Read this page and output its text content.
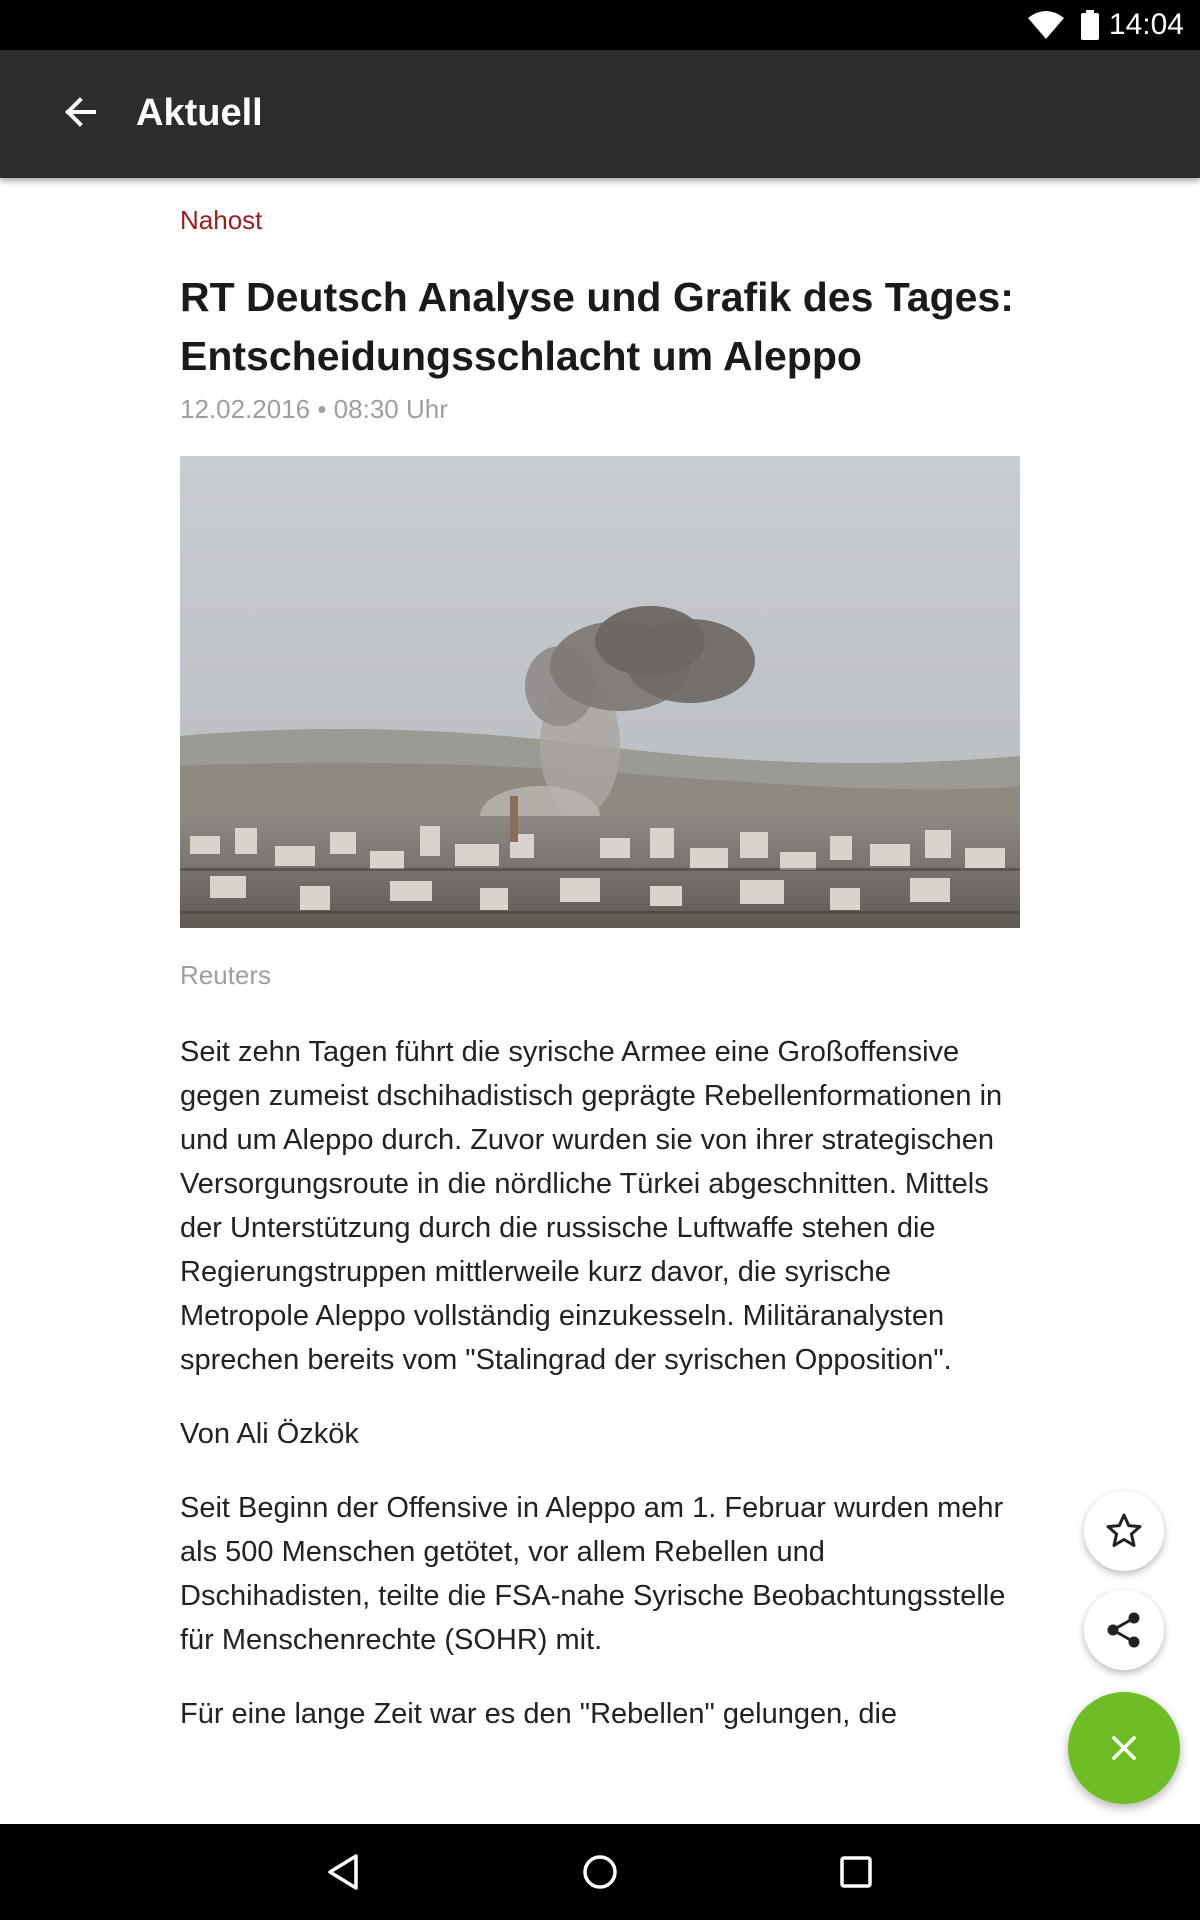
14:04
Aktuell
Nahost
RT Deutsch Analyse und Grafik des Tages: Entscheidungsschlacht um Aleppo
12.02.2016 • 08:30 Uhr
Reuters

Seit zehn Tagen führt die syrische Armee eine Großoffensive gegen zumeist dschihadistisch geprägte Rebellenformationen in und um Aleppo durch. Zuvor wurden sie von ihrer strategischen Versorgungsroute in die nördliche Türkei abgeschnitten. Mittels der Unterstützung durch die russische Luftwaffe stehen die Regierungstruppen mittlerweile kurz davor, die syrische Metropole Aleppo vollständig einzukesseln. Militäranalysten sprechen bereits vom "Stalingrad der syrischen Opposition".

Von Ali Özkök

Seit Beginn der Offensive in Aleppo am 1. Februar wurden mehr als 500 Menschen getötet, vor allem Rebellen und Dschihadisten, teilte die FSA-nahe Syrische Beobachtungsstelle für Menschenrechte (SOHR) mit.

Für eine lange Zeit war es den "Rebellen" gelungen, die
